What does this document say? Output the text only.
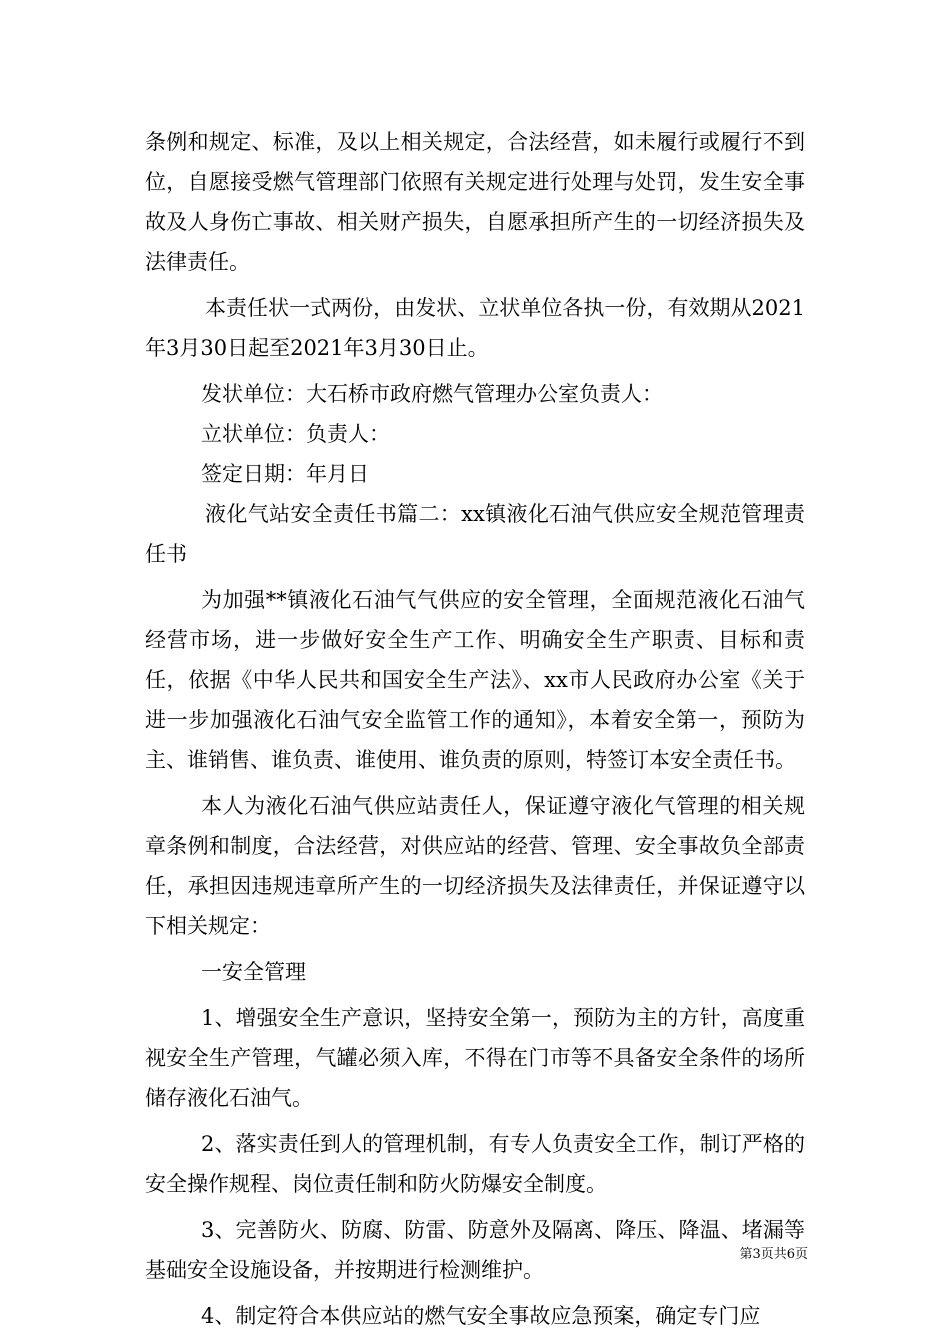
条例和规定、标准，及以上相关规定，合法经营，如未履行或履行不到位，自愿接受燃气管理部门依照有关规定进行处理与处罚，发生安全事故及人身伤亡事故、相关财产损失，自愿承担所产生的一切经济损失及法律责任。

本责任状一式两份，由发状、立状单位各执一份，有效期从2021年3月30日起至2021年3月30日止。

发状单位：大石桥市政府燃气管理办公室负责人：

立状单位：负责人：

签定日期：年月日

液化气站安全责任书篇二：xx镇液化石油气供应安全规范管理责任书

为加强**镇液化石油气气供应的安全管理，全面规范液化石油气经营市场，进一步做好安全生产工作、明确安全生产职责、目标和责任，依据《中华人民共和国安全生产法》、xx市人民政府办公室《关于进一步加强液化石油气安全监管工作的通知》，本着安全第一，预防为主、谁销售、谁负责、谁使用、谁负责的原则，特签订本安全责任书。

本人为液化石油气供应站责任人，保证遵守液化气管理的相关规章条例和制度，合法经营，对供应站的经营、管理、安全事故负全部责任，承担因违规违章所产生的一切经济损失及法律责任，并保证遵守以下相关规定：

一安全管理

1、增强安全生产意识，坚持安全第一，预防为主的方针，高度重视安全生产管理，气罐必须入库，不得在门市等不具备安全条件的场所储存液化石油气。

2、落实责任到人的管理机制，有专人负责安全工作，制订严格的安全操作规程、岗位责任制和防火防爆安全制度。

3、完善防火、防腐、防雷、防意外及隔离、降压、降温、堵漏等基础安全设施设备，并按期进行检测维护。

4、制定符合本供应站的燃气安全事故应急预案，确定专门应

第3页共6页
